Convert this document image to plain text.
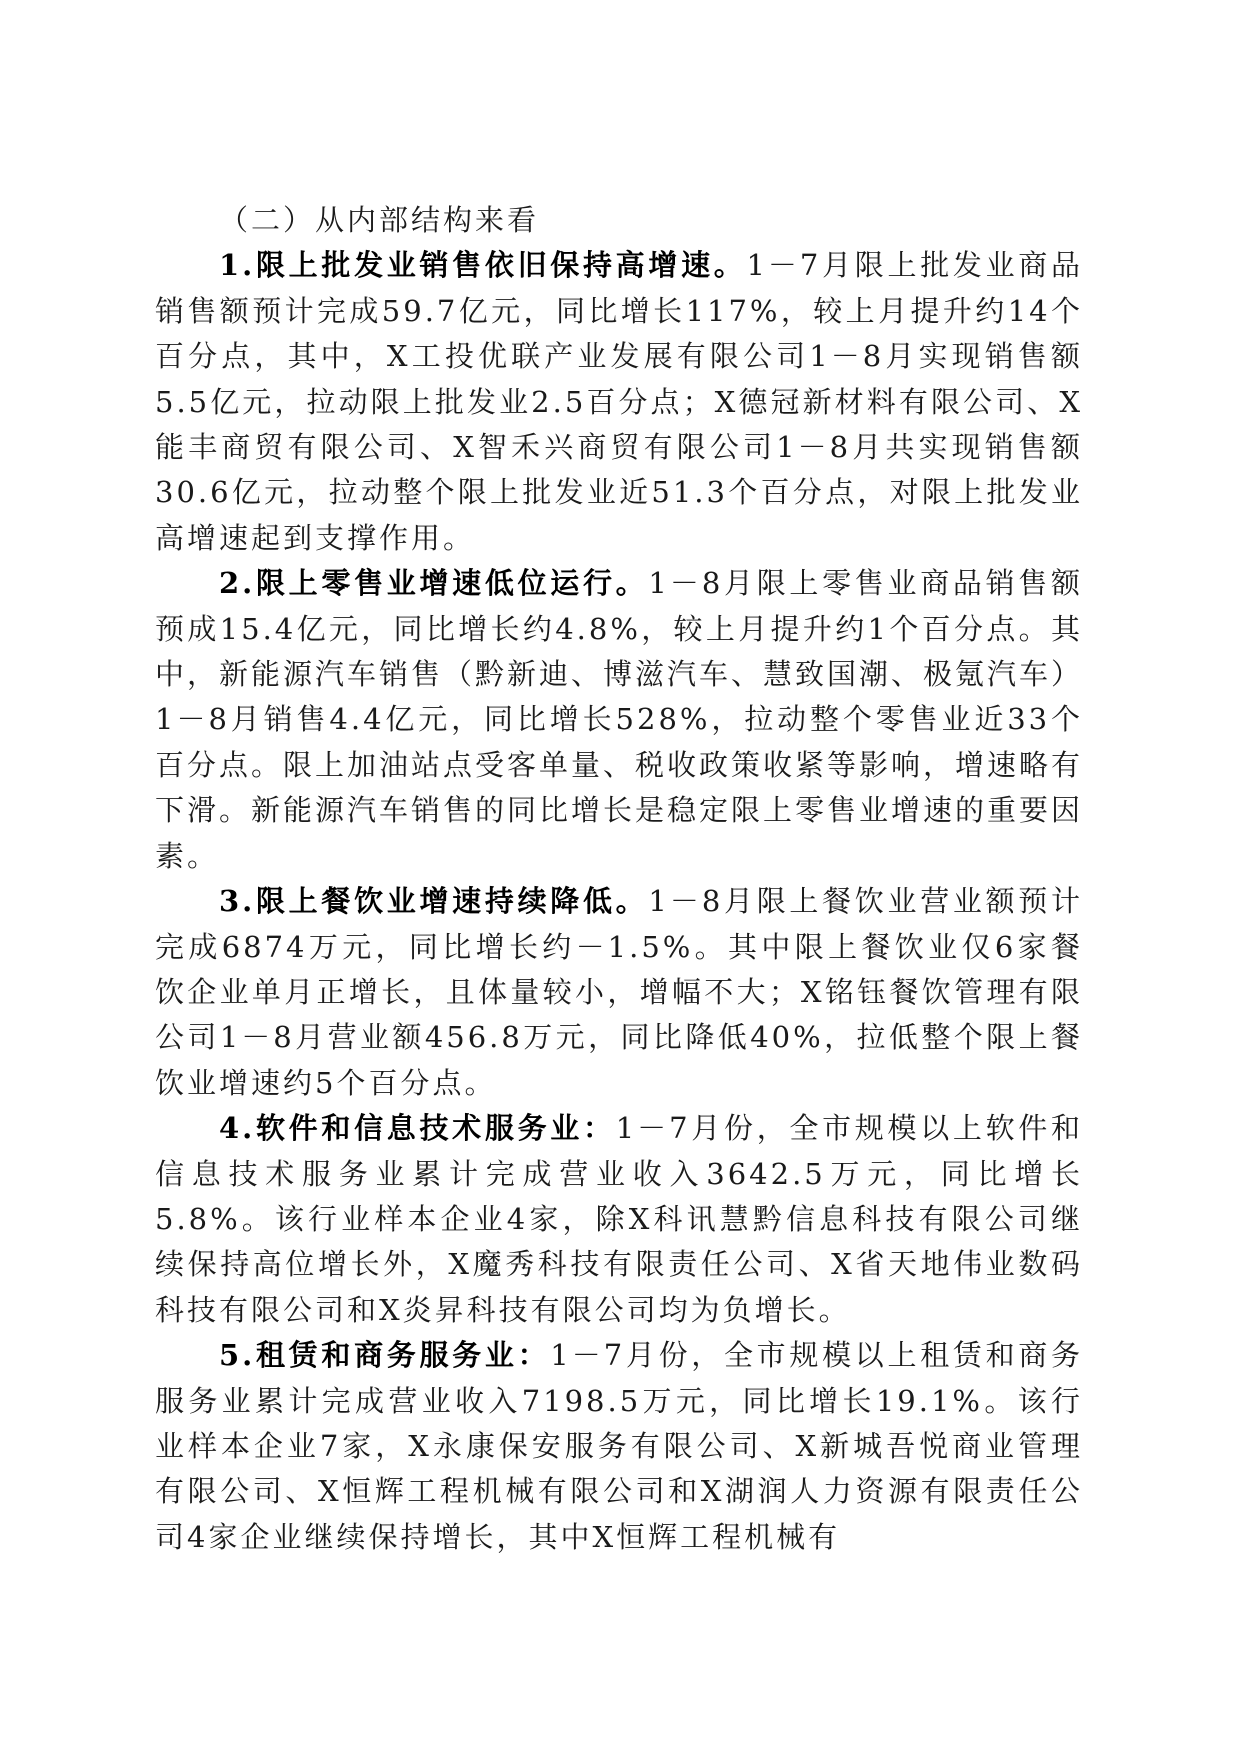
（二）从内部结构来看

1.限上批发业销售依旧保持高增速。1－7月限上批发业商品销售额预计完成59.7亿元，同比增长117%，较上月提升约14个百分点，其中，X工投优联产业发展有限公司1－8月实现销售额5.5亿元，拉动限上批发业2.5百分点；X德冠新材料有限公司、X能丰商贸有限公司、X智禾兴商贸有限公司1－8月共实现销售额30.6亿元，拉动整个限上批发业近51.3个百分点，对限上批发业高增速起到支撑作用。

2.限上零售业增速低位运行。1－8月限上零售业商品销售额预成15.4亿元，同比增长约4.8%，较上月提升约1个百分点。其中，新能源汽车销售（黔新迪、博滋汽车、慧致国潮、极氪汽车）1－8月销售4.4亿元，同比增长528%，拉动整个零售业近33个百分点。限上加油站点受客单量、税收政策收紧等影响，增速略有下滑。新能源汽车销售的同比增长是稳定限上零售业增速的重要因素。

3.限上餐饮业增速持续降低。1－8月限上餐饮业营业额预计完成6874万元，同比增长约－1.5%。其中限上餐饮业仅6家餐饮企业单月正增长，且体量较小，增幅不大；X铭钰餐饮管理有限公司1－8月营业额456.8万元，同比降低40%，拉低整个限上餐饮业增速约5个百分点。

4.软件和信息技术服务业：1－7月份，全市规模以上软件和信息技术服务业累计完成营业收入3642.5万元，同比增长5.8%。该行业样本企业4家，除X科讯慧黔信息科技有限公司继续保持高位增长外，X魔秀科技有限责任公司、X省天地伟业数码科技有限公司和X炎昇科技有限公司均为负增长。

5.租赁和商务服务业：1－7月份，全市规模以上租赁和商务服务业累计完成营业收入7198.5万元，同比增长19.1%。该行业样本企业7家，X永康保安服务有限公司、X新城吾悦商业管理有限公司、X恒辉工程机械有限公司和X湖润人力资源有限责任公司4家企业继续保持增长，其中X恒辉工程机械有
